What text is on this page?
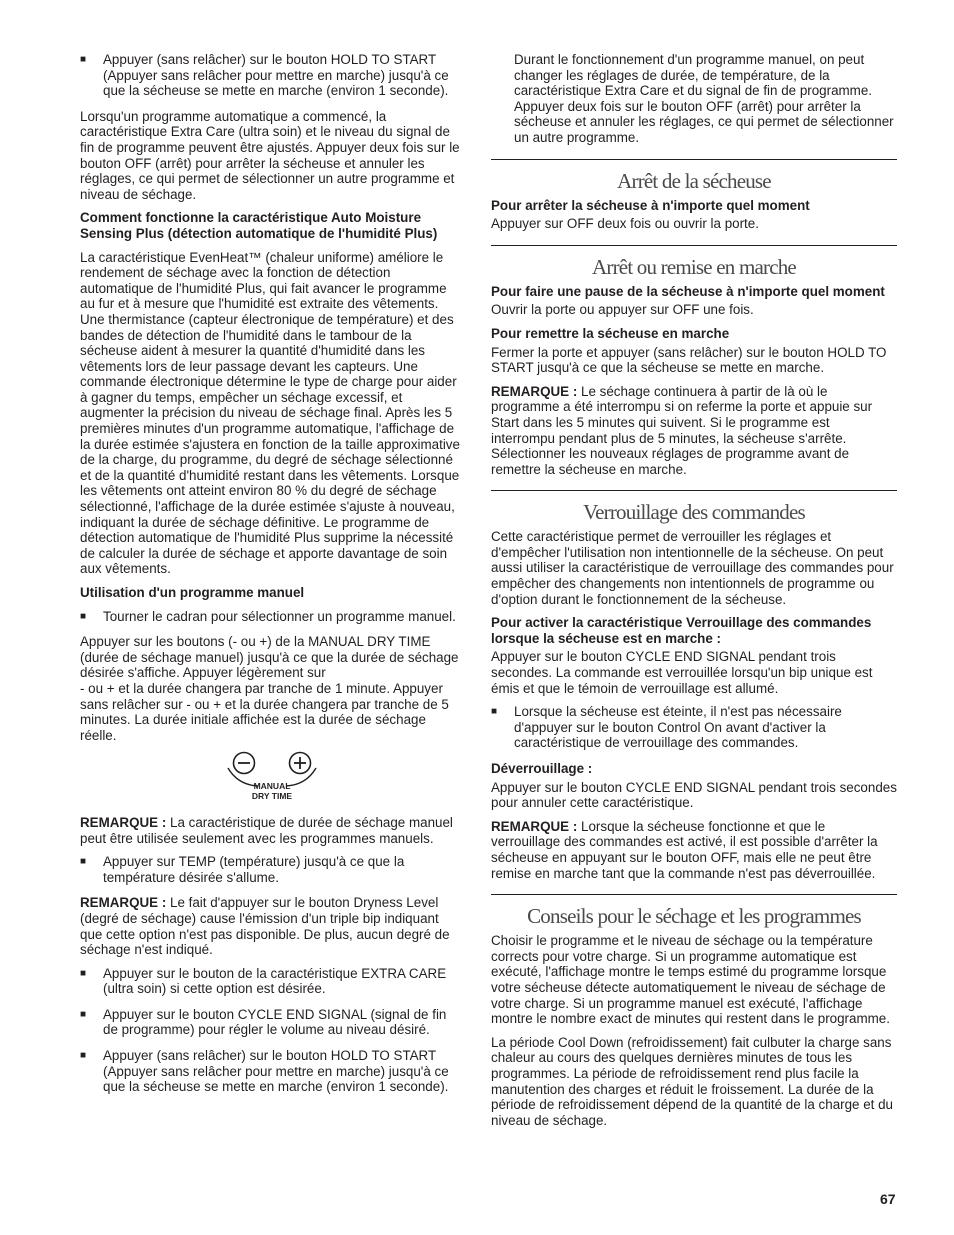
■ Appuyer (sans relâcher) sur le bouton HOLD TO START (Appuyer sans relâcher pour mettre en marche) jusqu'à ce que la sécheuse se mette en marche (environ 1 seconde).

Lorsqu'un programme automatique a commencé, la caractéristique Extra Care (ultra soin) et le niveau du signal de fin de programme peuvent être ajustés. Appuyer deux fois sur le bouton OFF (arrêt) pour arrêter la sécheuse et annuler les réglages, ce qui permet de sélectionner un autre programme et niveau de séchage.

Comment fonctionne la caractéristique Auto Moisture Sensing Plus (détection automatique de l'humidité Plus)

La caractéristique EvenHeat™ (chaleur uniforme) améliore le rendement de séchage avec la fonction de détection automatique de l'humidité Plus, qui fait avancer le programme au fur et à mesure que l'humidité est extraite des vêtements. Une thermistance (capteur électronique de température) et des bandes de détection de l'humidité dans le tambour de la sécheuse aident à mesurer la quantité d'humidité dans les vêtements lors de leur passage devant les capteurs. Une commande électronique détermine le type de charge pour aider à gagner du temps, empêcher un séchage excessif, et augmenter la précision du niveau de séchage final. Après les 5 premières minutes d'un programme automatique, l'affichage de la durée estimée s'ajustera en fonction de la taille approximative de la charge, du programme, du degré de séchage sélectionné et de la quantité d'humidité restant dans les vêtements. Lorsque les vêtements ont atteint environ 80 % du degré de séchage sélectionné, l'affichage de la durée estimée s'ajuste à nouveau, indiquant la durée de séchage définitive. Le programme de détection automatique de l'humidité Plus supprime la nécessité de calculer la durée de séchage et apporte davantage de soin aux vêtements.

Utilisation d'un programme manuel

■ Tourner le cadran pour sélectionner un programme manuel.

Appuyer sur les boutons (- ou +) de la MANUAL DRY TIME (durée de séchage manuel) jusqu'à ce que la durée de séchage désirée s'affiche. Appuyer légèrement sur

- ou + et la durée changera par tranche de 1 minute. Appuyer sans relâcher sur - ou + et la durée changera par tranche de 5 minutes. La durée initiale affichée est la durée de séchage réelle.

MANUAL
DRY TIME

REMARQUE : La caractéristique de durée de séchage manuel peut être utilisée seulement avec les programmes manuels.

■ Appuyer sur TEMP (température) jusqu'à ce que la température désirée s'allume.

REMARQUE : Le fait d'appuyer sur le bouton Dryness Level (degré de séchage) cause l'émission d'un triple bip indiquant que cette option n'est pas disponible. De plus, aucun degré de séchage n'est indiqué.

■ Appuyer sur le bouton de la caractéristique EXTRA CARE (ultra soin) si cette option est désirée.

■ Appuyer sur le bouton CYCLE END SIGNAL (signal de fin de programme) pour régler le volume au niveau désiré.

■ Appuyer (sans relâcher) sur le bouton HOLD TO START (Appuyer sans relâcher pour mettre en marche) jusqu'à ce que la sécheuse se mette en marche (environ 1 seconde).

Durant le fonctionnement d'un programme manuel, on peut changer les réglages de durée, de température, de la caractéristique Extra Care et du signal de fin de programme. Appuyer deux fois sur le bouton OFF (arrêt) pour arrêter la sécheuse et annuler les réglages, ce qui permet de sélectionner un autre programme.

Arrêt de la sécheuse

Pour arrêter la sécheuse à n'importe quel moment

Appuyer sur OFF deux fois ou ouvrir la porte.

Arrêt ou remise en marche

Pour faire une pause de la sécheuse à n'importe quel moment

Ouvrir la porte ou appuyer sur OFF une fois.

Pour remettre la sécheuse en marche

Fermer la porte et appuyer (sans relâcher) sur le bouton HOLD TO START jusqu'à ce que la sécheuse se mette en marche.

REMARQUE : Le séchage continuera à partir de là où le programme a été interrompu si on referme la porte et appuie sur Start dans les 5 minutes qui suivent. Si le programme est interrompu pendant plus de 5 minutes, la sécheuse s'arrête. Sélectionner les nouveaux réglages de programme avant de remettre la sécheuse en marche.

Verrouillage des commandes

Cette caractéristique permet de verrouiller les réglages et d'empêcher l'utilisation non intentionnelle de la sécheuse. On peut aussi utiliser la caractéristique de verrouillage des commandes pour empêcher des changements non intentionnels de programme ou d'option durant le fonctionnement de la sécheuse.

Pour activer la caractéristique Verrouillage des commandes lorsque la sécheuse est en marche :

Appuyer sur le bouton CYCLE END SIGNAL pendant trois secondes. La commande est verrouillée lorsqu'un bip unique est émis et que le témoin de verrouillage est allumé.

■ Lorsque la sécheuse est éteinte, il n'est pas nécessaire d'appuyer sur le bouton Control On avant d'activer la caractéristique de verrouillage des commandes.

Déverrouillage :

Appuyer sur le bouton CYCLE END SIGNAL pendant trois secondes pour annuler cette caractéristique.

REMARQUE : Lorsque la sécheuse fonctionne et que le verrouillage des commandes est activé, il est possible d'arrêter la sécheuse en appuyant sur le bouton OFF, mais elle ne peut être remise en marche tant que la commande n'est pas déverrouillée.

Conseils pour le séchage et les programmes

Choisir le programme et le niveau de séchage ou la température corrects pour votre charge. Si un programme automatique est exécuté, l'affichage montre le temps estimé du programme lorsque votre sécheuse détecte automatiquement le niveau de séchage de votre charge. Si un programme manuel est exécuté, l'affichage montre le nombre exact de minutes qui restent dans le programme.

La période Cool Down (refroidissement) fait culbuter la charge sans chaleur au cours des quelques dernières minutes de tous les programmes. La période de refroidissement rend plus facile la manutention des charges et réduit le froissement. La durée de la période de refroidissement dépend de la quantité de la charge et du niveau de séchage.

67
